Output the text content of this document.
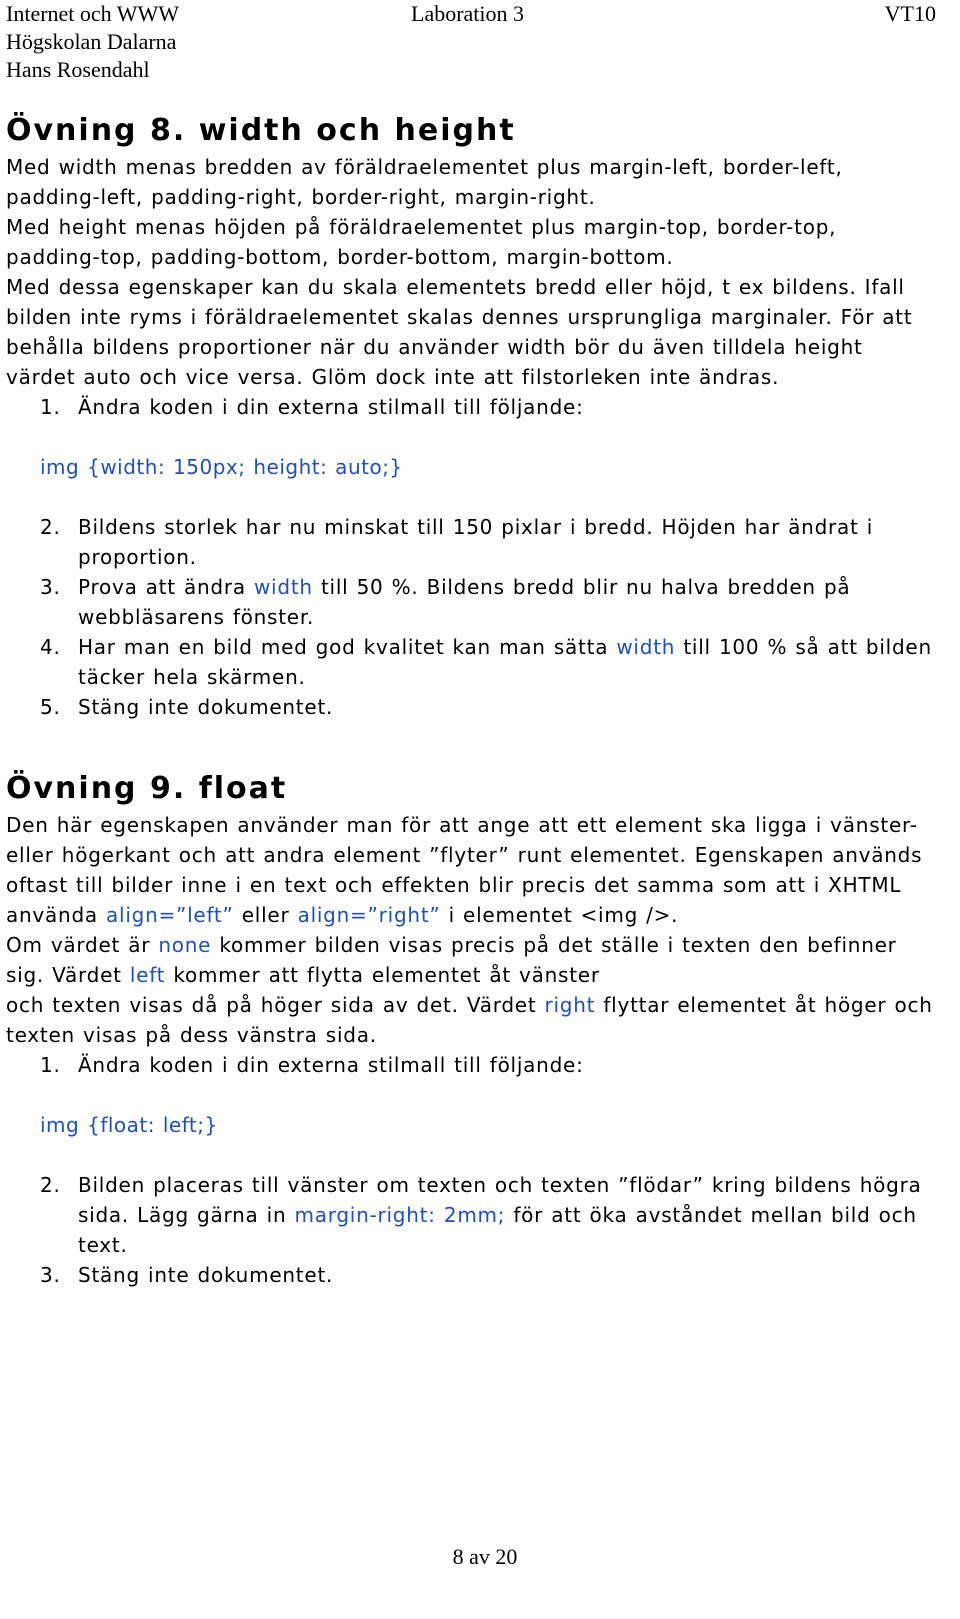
Internet och WWW	Laboration 3	VT10
Högskolan Dalarna
Hans Rosendahl
Övning 8. width och height

Med width menas bredden av föräldraelementet plus margin-left, border-left, padding-left, padding-right, border-right, margin-right.

Med height menas höjden på föräldraelementet plus margin-top, border-top, padding-top, padding-bottom, border-bottom, margin-bottom.

Med dessa egenskaper kan du skala elementets bredd eller höjd, t ex bildens. Ifall bilden inte ryms i föräldraelementet skalas dennes ursprungliga marginaler. För att behålla bildens proportioner när du använder width bör du även tilldela height värdet auto och vice versa. Glöm dock inte att filstorleken inte ändras.

1. Ändra koden i din externa stilmall till följande:

img {width: 150px; height: auto;}

2. Bildens storlek har nu minskat till 150 pixlar i bredd. Höjden har ändrat i proportion.
3. Prova att ändra width till 50 %. Bildens bredd blir nu halva bredden på webbläsarens fönster.
4. Har man en bild med god kvalitet kan man sätta width till 100 % så att bilden täcker hela skärmen.
5. Stäng inte dokumentet.
Övning 9. float

Den här egenskapen använder man för att ange att ett element ska ligga i vänster- eller högerkant och att andra element ”flyter” runt elementet. Egenskapen används oftast till bilder inne i en text och effekten blir precis det samma som att i XHTML använda align=”left” eller align=”right” i elementet <img />.

Om värdet är none kommer bilden visas precis på det ställe i texten den befinner sig. Värdet left kommer att flytta elementet åt vänster

och texten visas då på höger sida av det. Värdet right flyttar elementet åt höger och texten visas på dess vänstra sida.

1. Ändra koden i din externa stilmall till följande:

img {float: left;}

2. Bilden placeras till vänster om texten och texten ”flödar” kring bildens högra sida. Lägg gärna in margin-right: 2mm; för att öka avståndet mellan bild och text.
3. Stäng inte dokumentet.
8 av 20
